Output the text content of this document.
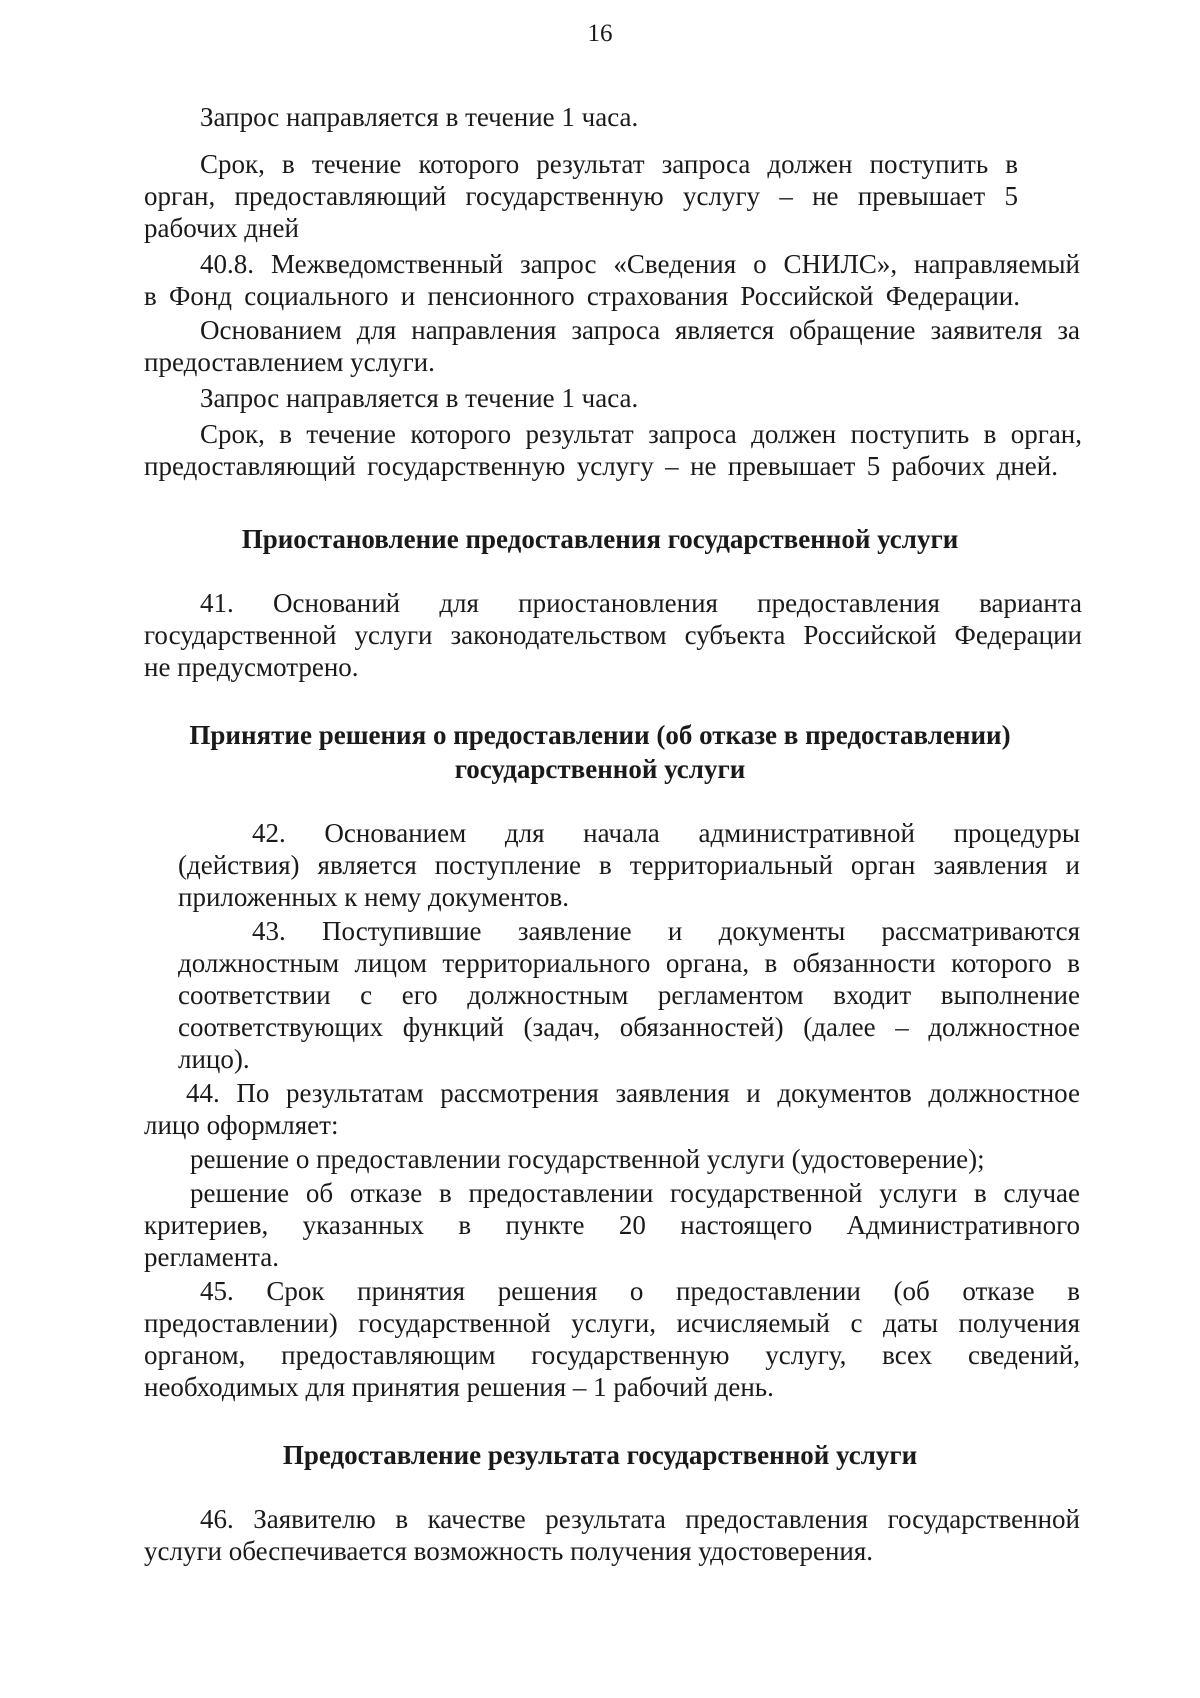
16
Запрос направляется в течение 1 часа.
Срок, в течение которого результат запроса должен поступить в
орган, предоставляющий государственную услугу – не превышает 5
рабочих дней
40.8. Межведомственный запрос «Сведения о СНИЛС», направляемый
в Фонд социального и пенсионного страхования Российской Федерации.
Основанием для направления запроса является обращение заявителя за
предоставлением услуги.
Запрос направляется в течение 1 часа.
Срок, в течение которого результат запроса должен поступить в орган,
предоставляющий государственную услугу – не превышает 5 рабочих дней.
Приостановление предоставления государственной услуги
41. Оснований для приостановления предоставления варианта
государственной услуги законодательством субъекта Российской Федерации
не предусмотрено.
Принятие решения о предоставлении (об отказе в предоставлении)
государственной услуги
42. Основанием для начала административной процедуры
(действия) является поступление в территориальный орган заявления и
приложенных к нему документов.
43. Поступившие заявление и документы рассматриваются
должностным лицом территориального органа, в обязанности которого в
соответствии с его должностным регламентом входит выполнение
соответствующих функций (задач, обязанностей) (далее – должностное
лицо).
44. По результатам рассмотрения заявления и документов должностное
лицо оформляет:
решение о предоставлении государственной услуги (удостоверение);
решение об отказе в предоставлении государственной услуги в случае
критериев, указанных в пункте 20 настоящего Административного
регламента.
45. Срок принятия решения о предоставлении (об отказе в
предоставлении) государственной услуги, исчисляемый с даты получения
органом, предоставляющим государственную услугу, всех сведений,
необходимых для принятия решения – 1 рабочий день.
Предоставление результата государственной услуги
46. Заявителю в качестве результата предоставления государственной
услуги обеспечивается возможность получения удостоверения.
